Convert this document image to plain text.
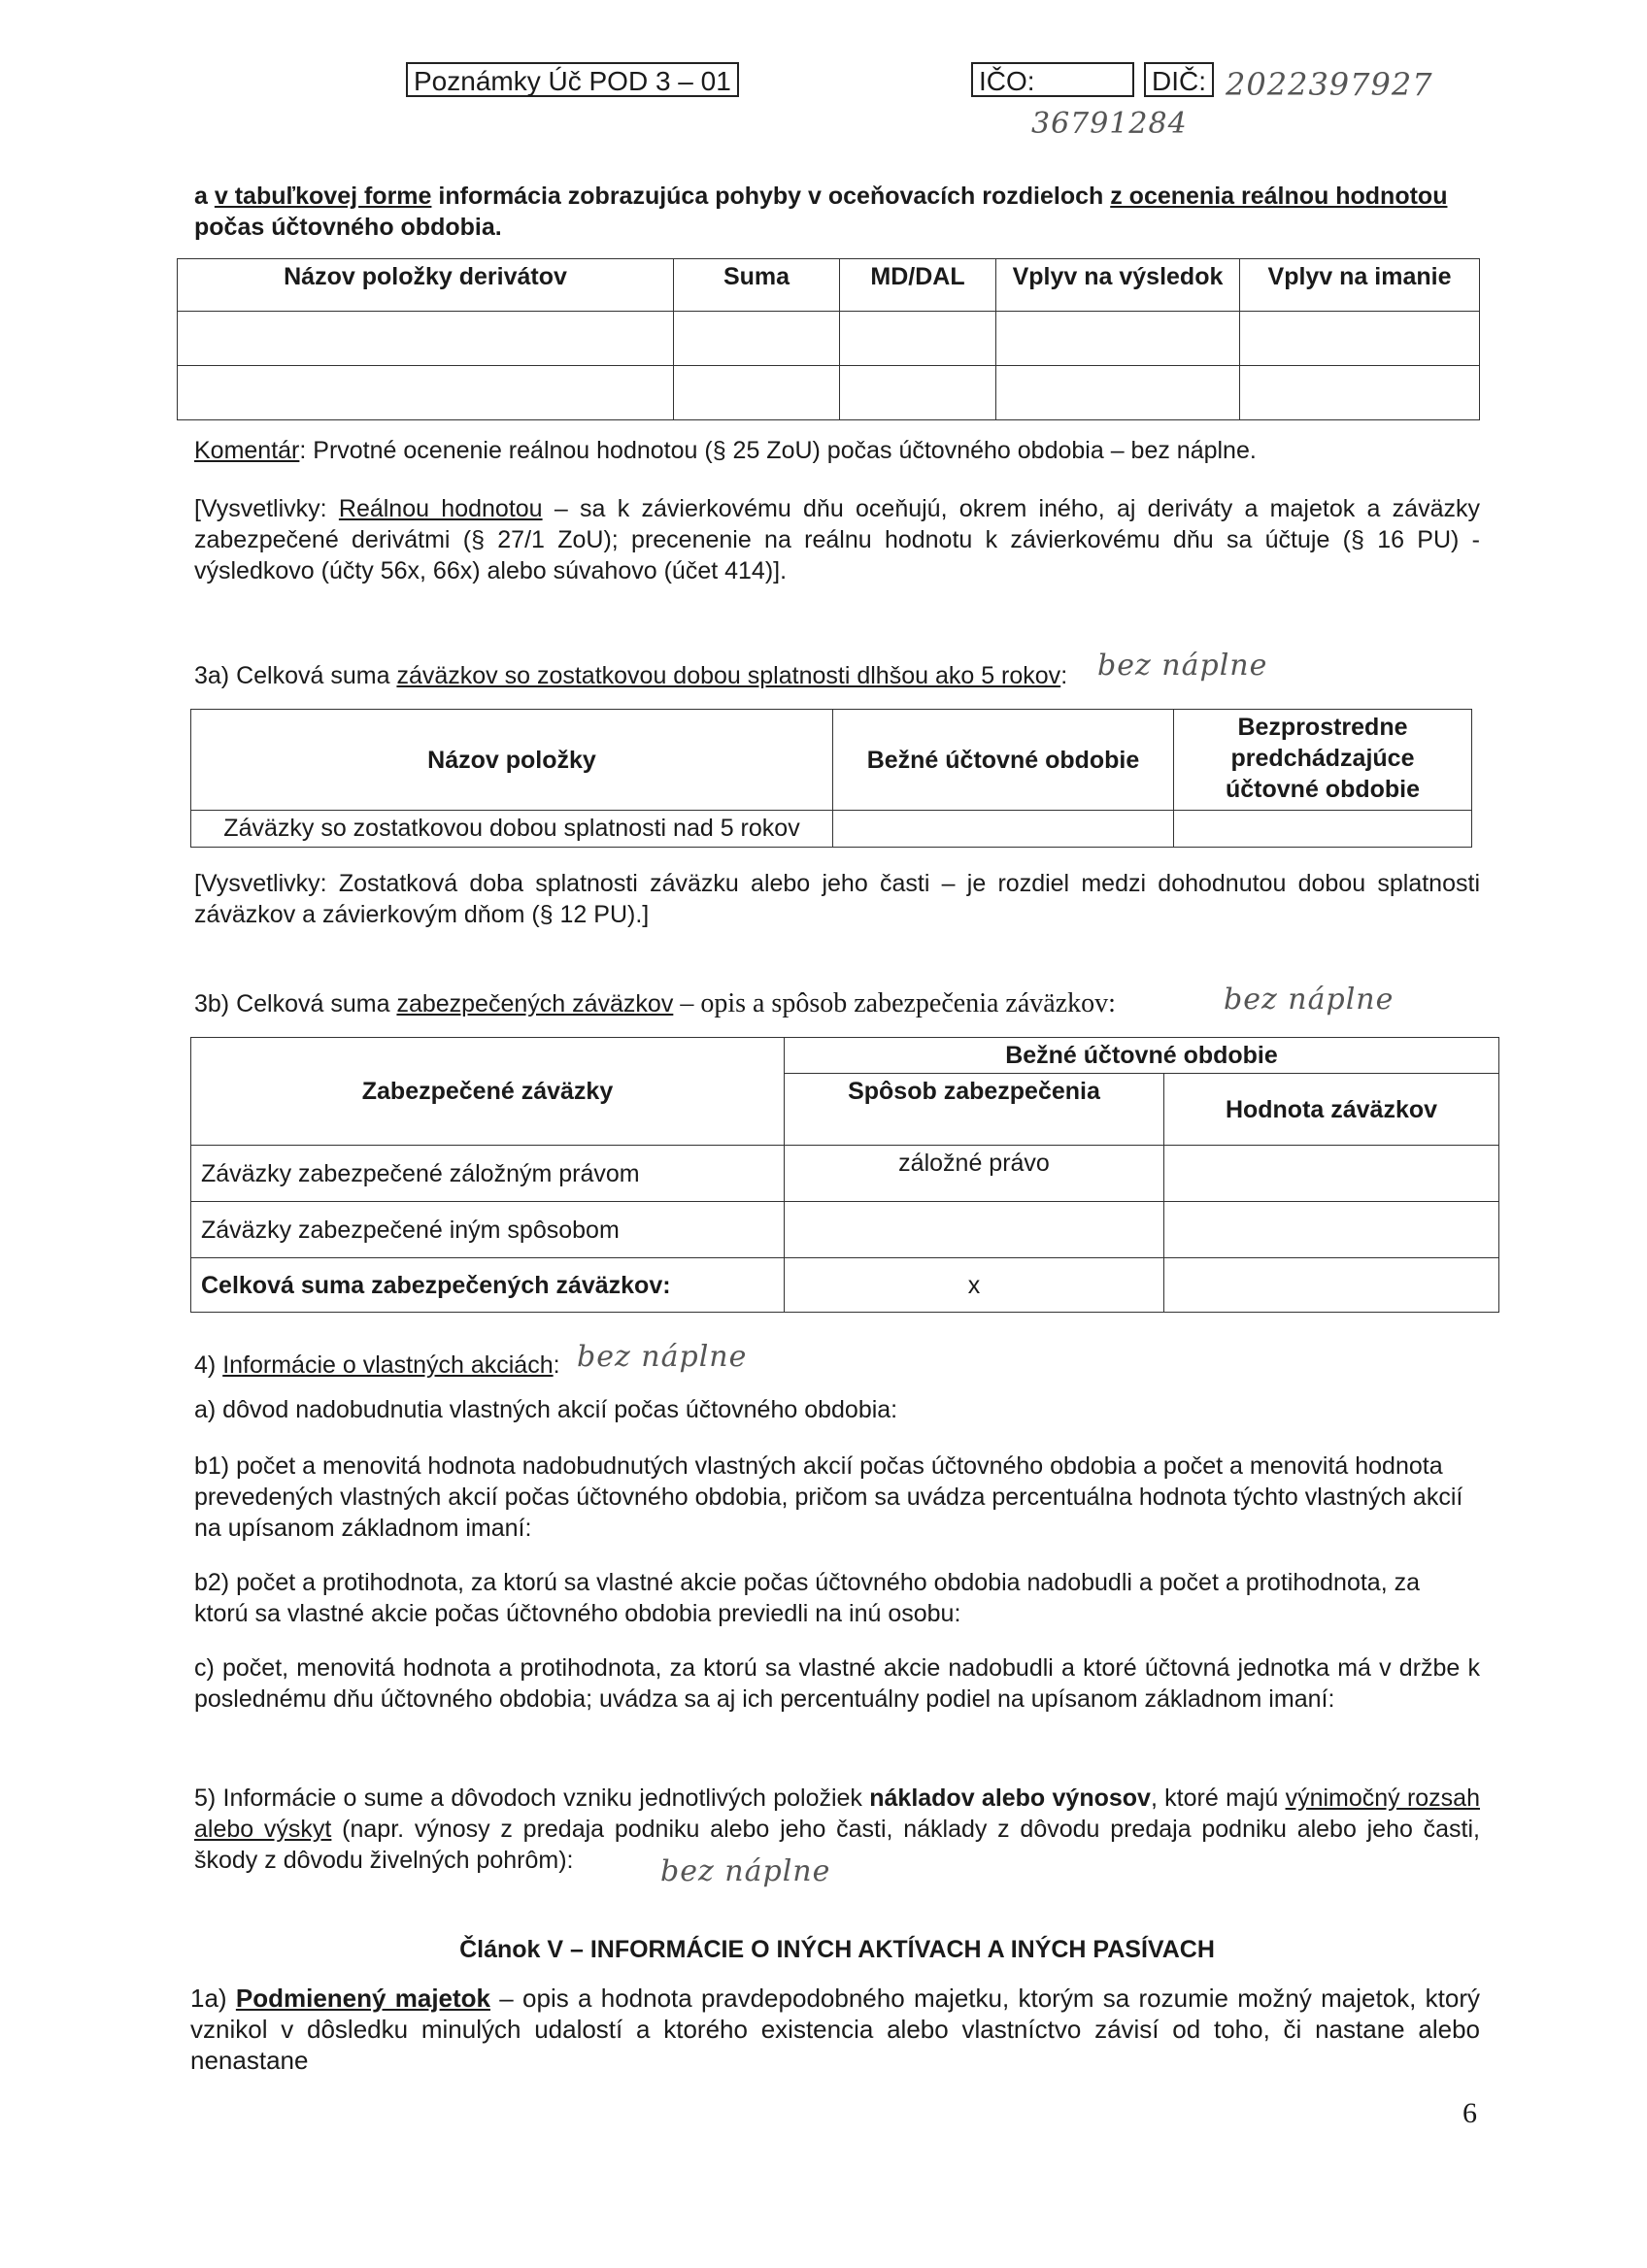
Poznámky Úč POD 3 – 01	IČO:	DIČ: 2022397927
36791284
a v tabuľkovej forme informácia zobrazujúca pohyby v oceňovacích rozdieloch z ocenenia reálnou hodnotou počas účtovného obdobia.
Názov položky derivátov	Suma	MD/DAL	Vplyv na výsledok	Vplyv na imanie

Komentár: Prvotné ocenenie reálnou hodnotou (§ 25 ZoU) počas účtovného obdobia – bez náplne.
[Vysvetlivky: Reálnou hodnotou – sa k závierkovému dňu oceňujú, okrem iného, aj deriváty a majetok a záväzky zabezpečené derivátmi (§ 27/1 ZoU); precenenie na reálnu hodnotu k závierkovému dňu sa účtuje (§ 16 PU) - výsledkovo (účty 56x, 66x) alebo súvahovo (účet 414)].
3a) Celková suma záväzkov so zostatkovou dobou splatnosti dlhšou ako 5 rokov: bez náplne
Názov položky	Bežné účtovné obdobie	Bezprostredne predchádzajúce účtovné obdobie
Záväzky so zostatkovou dobou splatnosti nad 5 rokov		
[Vysvetlivky: Zostatková doba splatnosti záväzku alebo jeho časti – je rozdiel medzi dohodnutou dobou splatnosti záväzkov a závierkovým dňom (§ 12 PU).]
3b) Celková suma zabezpečených záväzkov – opis a spôsob zabezpečenia záväzkov:	bez náplne
Zabezpečené záväzky	Bežné účtovné obdobie	
	Spôsob zabezpečenia	Hodnota záväzkov
Záväzky zabezpečené záložným právom	záložné právo	
Záväzky zabezpečené iným spôsobom		
Celková suma zabezpečených záväzkov:	x	
4) Informácie o vlastných akciách: bez náplne
a) dôvod nadobudnutia vlastných akcií počas účtovného obdobia:
b1) počet a menovitá hodnota nadobudnutých vlastných akcií počas účtovného obdobia a počet a menovitá hodnota prevedených vlastných akcií počas účtovného obdobia, pričom sa uvádza percentuálna hodnota týchto vlastných akcií na upísanom základnom imaní:
b2) počet a protihodnota, za ktorú sa vlastné akcie počas účtovného obdobia nadobudli a počet a protihodnota, za ktorú sa vlastné akcie počas účtovného obdobia previedli na inú osobu:
c) počet, menovitá hodnota a protihodnota, za ktorú sa vlastné akcie nadobudli a ktoré účtovná jednotka má v držbe k poslednému dňu účtovného obdobia; uvádza sa aj ich percentuálny podiel na upísanom základnom imaní:
5) Informácie o sume a dôvodoch vzniku jednotlivých položiek nákladov alebo výnosov, ktoré majú výnimočný rozsah alebo výskyt (napr. výnosy z predaja podniku alebo jeho časti, náklady z dôvodu predaja podniku alebo jeho časti, škody z dôvodu živelných pohrôm):	bez náplne
Článok V – INFORMÁCIE O INÝCH AKTÍVACH A INÝCH PASÍVACH
1a) Podmienený majetok – opis a hodnota pravdepodobného majetku, ktorým sa rozumie možný majetok, ktorý vznikol v dôsledku minulých udalostí a ktorého existencia alebo vlastníctvo závisí od toho, či nastane alebo nenastane
6
